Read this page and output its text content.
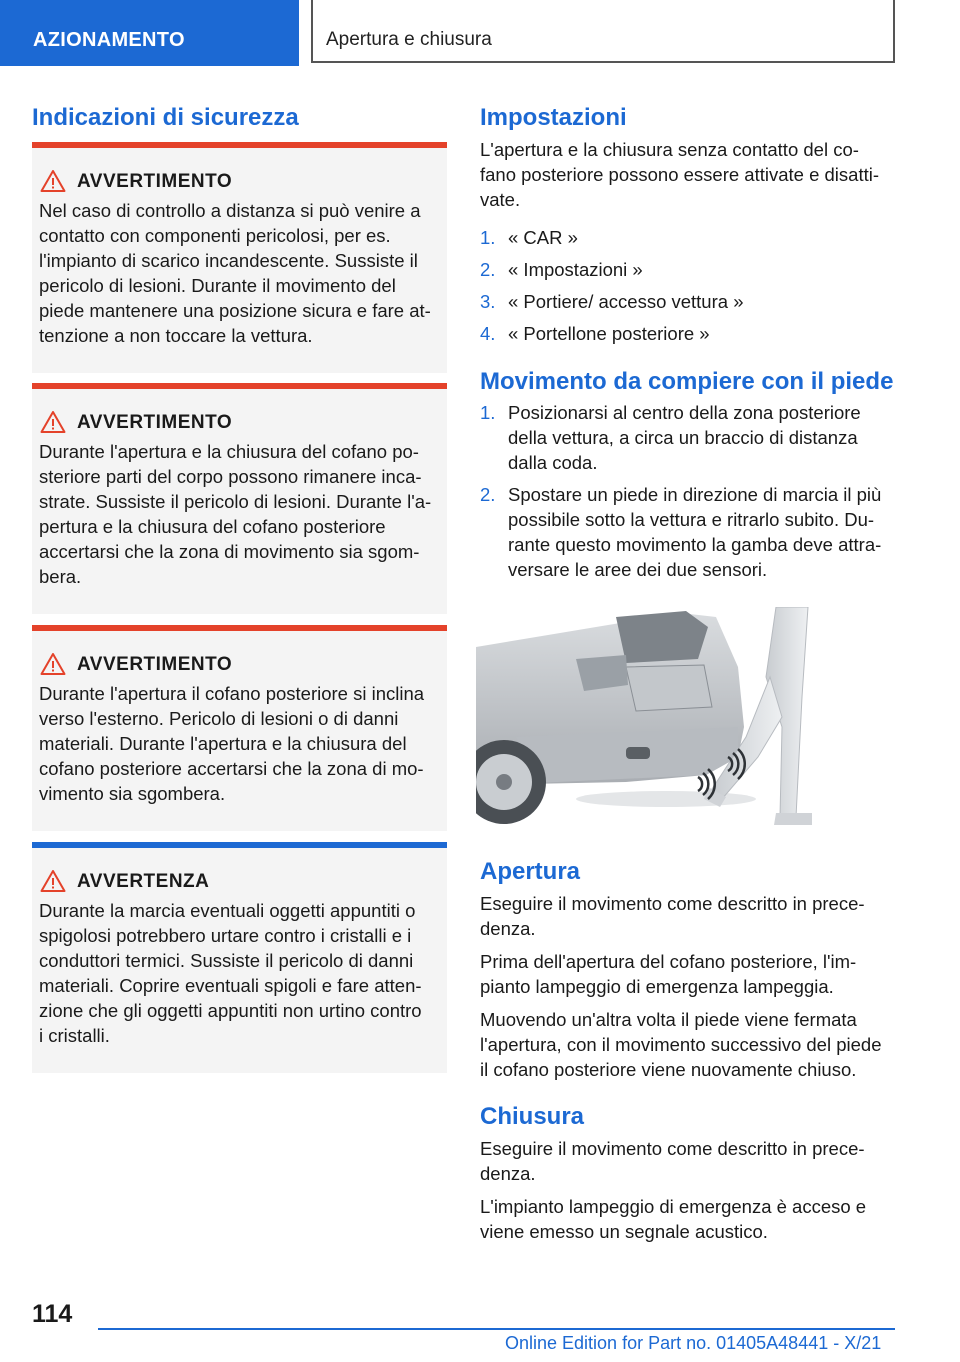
AZIONAMENTO	Apertura e chiusura
Indicazioni di sicurezza
AVVERTIMENTO
Nel caso di controllo a distanza si può venire a
contatto con componenti pericolosi, per es.
l'impianto di scarico incandescente. Sussiste il
pericolo di lesioni. Durante il movimento del
piede mantenere una posizione sicura e fare at-
tenzione a non toccare la vettura.
AVVERTIMENTO
Durante l'apertura e la chiusura del cofano po-
steriore parti del corpo possono rimanere inca-
strate. Sussiste il pericolo di lesioni. Durante l'a-
pertura e la chiusura del cofano posteriore
accertarsi che la zona di movimento sia sgom-
bera.
AVVERTIMENTO
Durante l'apertura il cofano posteriore si inclina
verso l'esterno. Pericolo di lesioni o di danni
materiali. Durante l'apertura e la chiusura del
cofano posteriore accertarsi che la zona di mo-
vimento sia sgombera.
AVVERTENZA
Durante la marcia eventuali oggetti appuntiti o
spigolosi potrebbero urtare contro i cristalli e i
conduttori termici. Sussiste il pericolo di danni
materiali. Coprire eventuali spigoli e fare atten-
zione che gli oggetti appuntiti non urtino contro
i cristalli.
Impostazioni

L'apertura e la chiusura senza contatto del co-
fano posteriore possono essere attivate e disatti-
vate.

1. « CAR »
2. « Impostazioni »
3. « Portiere/ accesso vettura »
4. « Portellone posteriore »
Movimento da compiere con il piede
1. Posizionarsi al centro della zona posteriore
della vettura, a circa un braccio di distanza
dalla coda.
2. Spostare un piede in direzione di marcia il più
possibile sotto la vettura e ritrarlo subito. Du-
rante questo movimento la gamba deve attra-
versare le aree dei due sensori.
Apertura

Eseguire il movimento come descritto in prece-
denza.

Prima dell'apertura del cofano posteriore, l'im-
pianto lampeggio di emergenza lampeggia.

Muovendo un'altra volta il piede viene fermata
l'apertura, con il movimento successivo del piede
il cofano posteriore viene nuovamente chiuso.

Chiusura

Eseguire il movimento come descritto in prece-
denza.

L'impianto lampeggio di emergenza è acceso e
viene emesso un segnale acustico.

114
Online Edition for Part no. 01405A48441 - X/21
